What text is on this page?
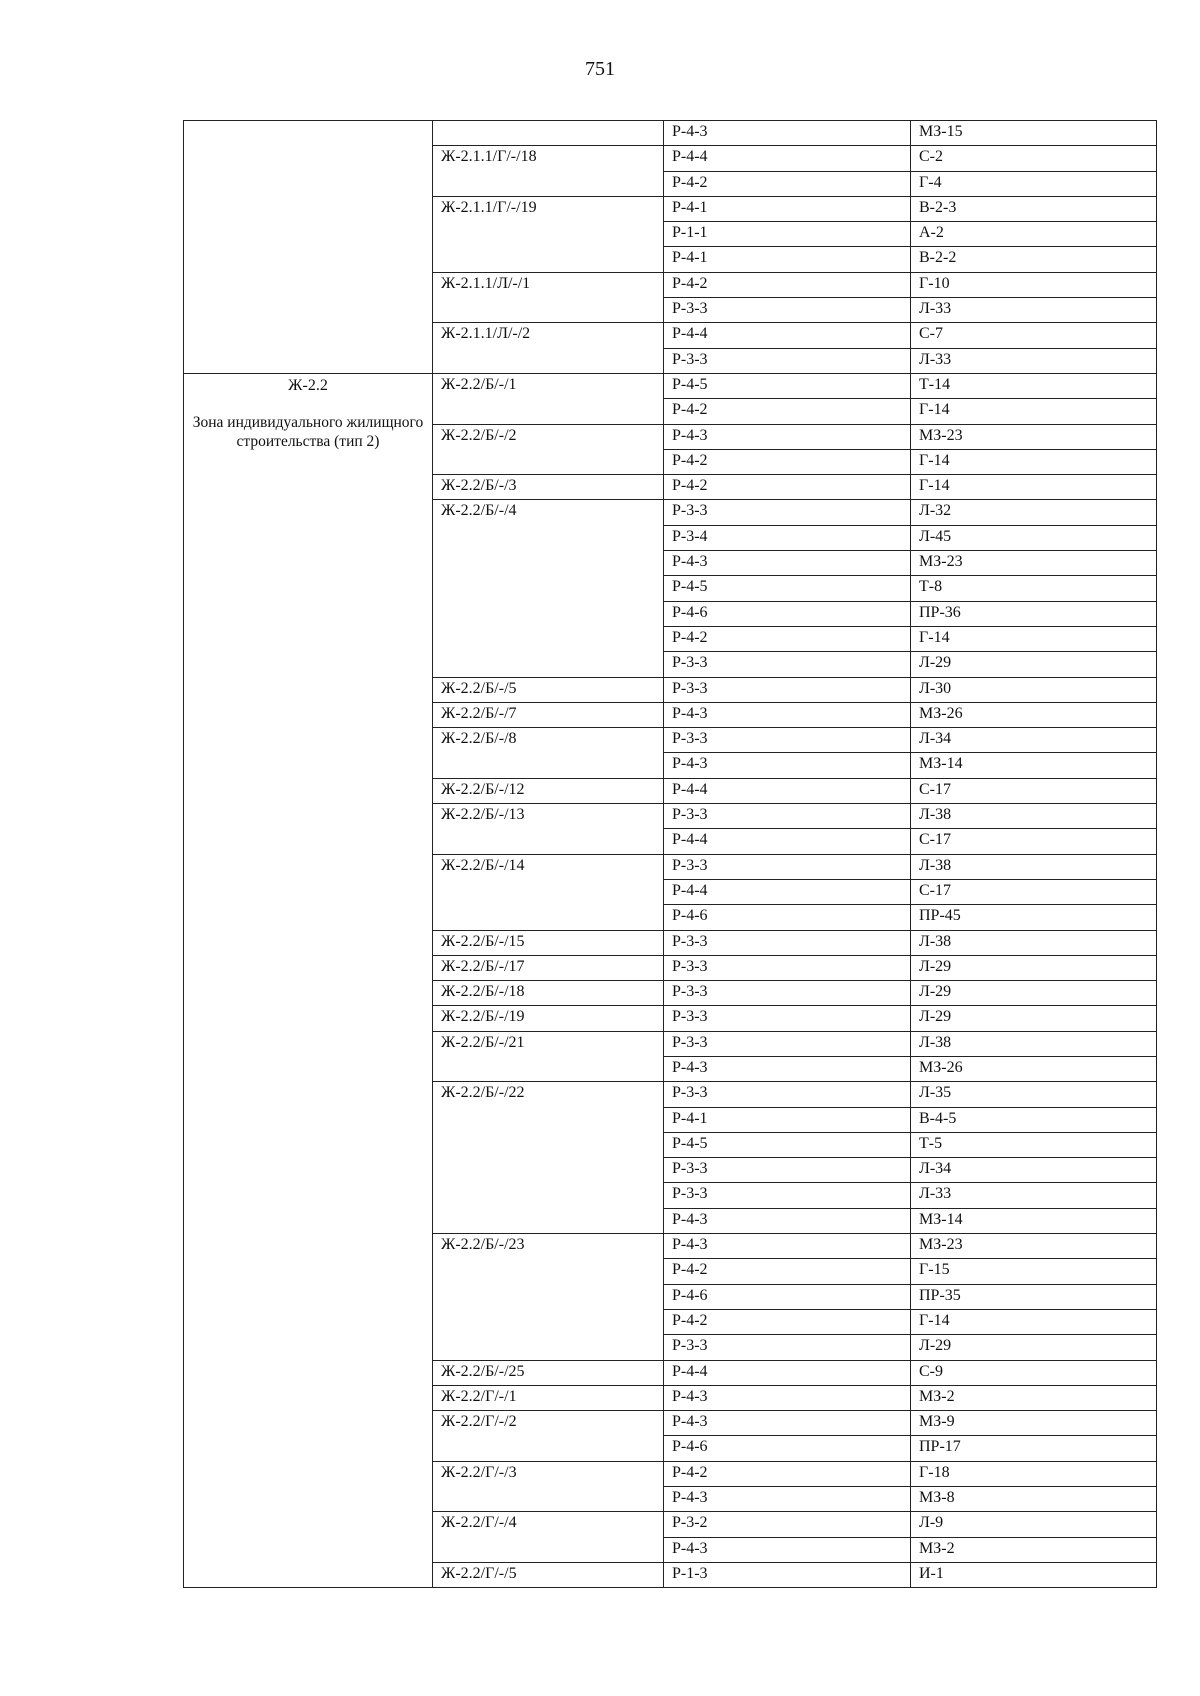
751
		Р-4-3	МЗ-15
	Ж-2.1.1/Г/-/18	Р-4-4	С-2
		Р-4-2	Г-4
	Ж-2.1.1/Г/-/19	Р-4-1	В-2-3
		Р-1-1	А-2
		Р-4-1	В-2-2
	Ж-2.1.1/Л/-/1	Р-4-2	Г-10
		Р-3-3	Л-33
	Ж-2.1.1/Л/-/2	Р-4-4	С-7
		Р-3-3	Л-33

Ж-2.2
Зона индивидуального жилищного строительства (тип 2)	Ж-2.2/Б/-/1	Р-4-5	Т-14
		Р-4-2	Г-14
	Ж-2.2/Б/-/2	Р-4-3	МЗ-23
		Р-4-2	Г-14
	Ж-2.2/Б/-/3	Р-4-2	Г-14
	Ж-2.2/Б/-/4	Р-3-3	Л-32
		Р-3-4	Л-45
		Р-4-3	МЗ-23
		Р-4-5	Т-8
		Р-4-6	ПР-36
		Р-4-2	Г-14
		Р-3-3	Л-29
	Ж-2.2/Б/-/5	Р-3-3	Л-30
	Ж-2.2/Б/-/7	Р-4-3	МЗ-26
	Ж-2.2/Б/-/8	Р-3-3	Л-34
		Р-4-3	МЗ-14
	Ж-2.2/Б/-/12	Р-4-4	С-17
	Ж-2.2/Б/-/13	Р-3-3	Л-38
		Р-4-4	С-17
	Ж-2.2/Б/-/14	Р-3-3	Л-38
		Р-4-4	С-17
		Р-4-6	ПР-45
	Ж-2.2/Б/-/15	Р-3-3	Л-38
	Ж-2.2/Б/-/17	Р-3-3	Л-29
	Ж-2.2/Б/-/18	Р-3-3	Л-29
	Ж-2.2/Б/-/19	Р-3-3	Л-29
	Ж-2.2/Б/-/21	Р-3-3	Л-38
		Р-4-3	МЗ-26
	Ж-2.2/Б/-/22	Р-3-3	Л-35
		Р-4-1	В-4-5
		Р-4-5	Т-5
		Р-3-3	Л-34
		Р-3-3	Л-33
		Р-4-3	МЗ-14
	Ж-2.2/Б/-/23	Р-4-3	МЗ-23
		Р-4-2	Г-15
		Р-4-6	ПР-35
		Р-4-2	Г-14
		Р-3-3	Л-29
	Ж-2.2/Б/-/25	Р-4-4	С-9
	Ж-2.2/Г/-/1	Р-4-3	МЗ-2
	Ж-2.2/Г/-/2	Р-4-3	МЗ-9
		Р-4-6	ПР-17
	Ж-2.2/Г/-/3	Р-4-2	Г-18
		Р-4-3	МЗ-8
	Ж-2.2/Г/-/4	Р-3-2	Л-9
		Р-4-3	МЗ-2
	Ж-2.2/Г/-/5	Р-1-3	И-1
